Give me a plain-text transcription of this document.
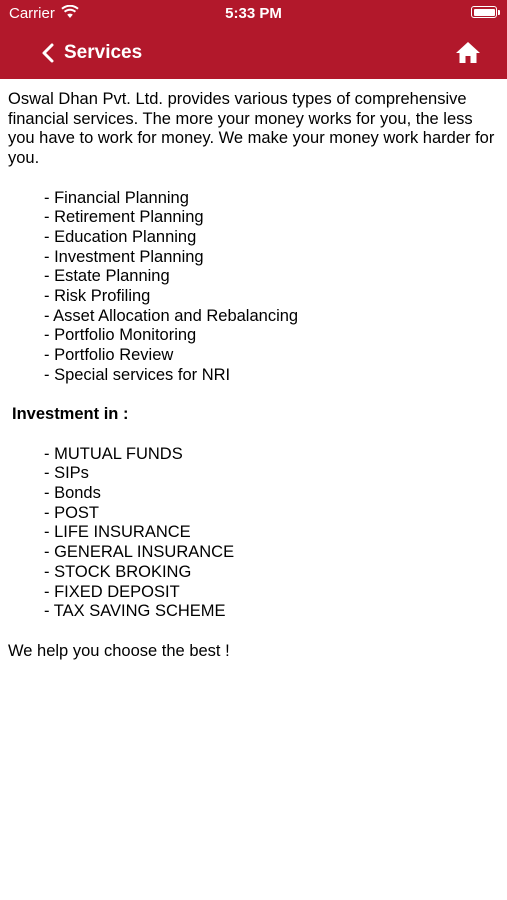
Carrier	5:33 PM
Services

Oswal Dhan Pvt. Ltd. provides various types of comprehensive financial services. The more your money works for you, the less you have to work for money. We make your money work harder for you.

- Financial Planning
- Retirement Planning
- Education Planning
- Investment Planning
- Estate Planning
- Risk Profiling
- Asset Allocation and Rebalancing
- Portfolio Monitoring
- Portfolio Review
- Special services for NRI
Investment in :
- MUTUAL FUNDS
- SIPs
- Bonds
- POST
- LIFE INSURANCE
- GENERAL INSURANCE
- STOCK BROKING
- FIXED DEPOSIT
- TAX SAVING SCHEME

We help you choose the best !
